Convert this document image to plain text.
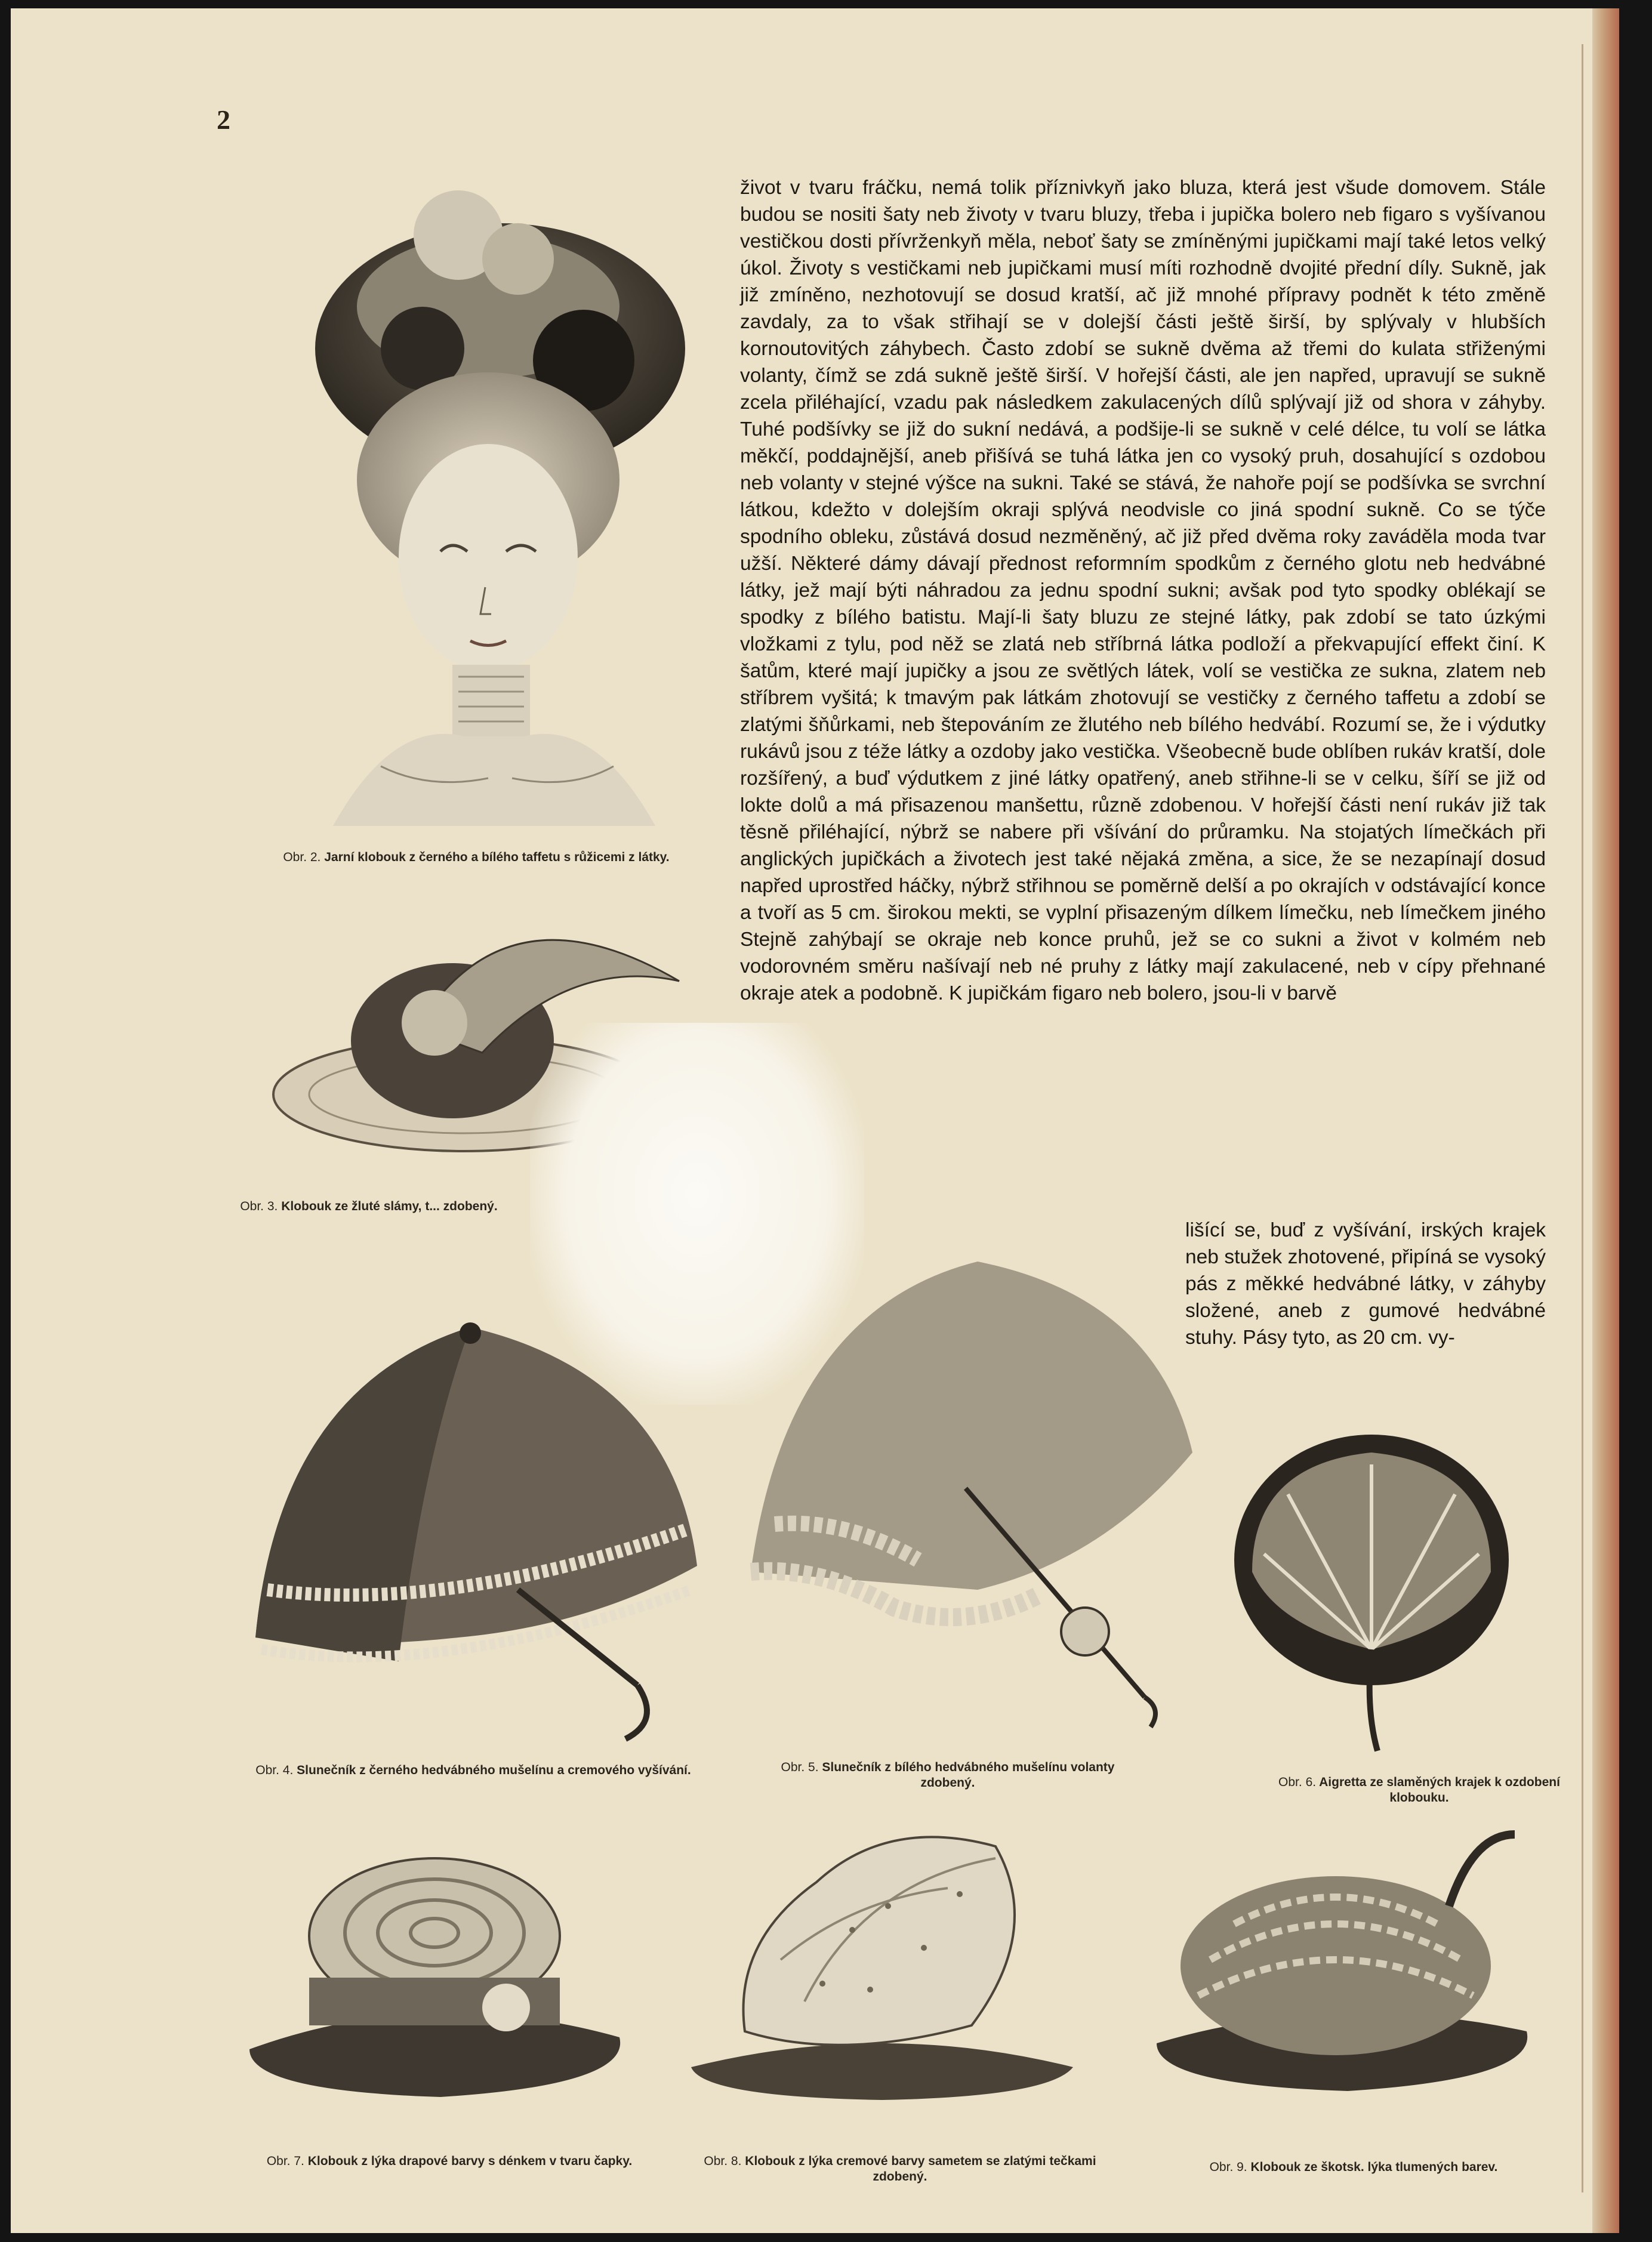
2
Obr. 2. Jarní klobouk z černého a bílého taffetu s růžicemi z látky.
Obr. 3. Klobouk ze žluté slámy, t... zdobený.
Obr. 4. Slunečník z černého hedvábného mušelínu a cremového vyšívání.	Obr. 5. Slunečník z bílého hedvábného mušelínu volanty zdobený.	Obr. 6. Aigretta ze slaměných krajek k ozdobení klobouku.
Obr. 7. Klobouk z lýka drapové barvy s dénkem v tvaru čapky.	Obr. 8. Klobouk z lýka cremové barvy sametem se zlatými tečkami zdobený.
Obr. 9. Klobouk ze škotsk. lýka tlumených barev.

život v tvaru fráčku, nemá tolik příznivkyň jako bluza, která jest všude domovem. Stále budou se nositi šaty neb životy v tvaru bluzy, třeba i jupička bolero neb figaro s vyšívanou vestičkou dosti přívrženkyň měla, neboť šaty se zmíněnými jupičkami mají také letos velký úkol. Životy s vestičkami neb jupičkami musí míti rozhodně dvojité přední díly. Sukně, jak již zmíněno, nezhotovují se dosud kratší, ač již mnohé přípravy podnět k této změně zavdaly, za to však střihají se v dolejší části ještě širší, by splývaly v hlubších kornoutovitých záhybech. Často zdobí se sukně dvěma až třemi do kulata střiženými volanty, čímž se zdá sukně ještě širší. V hořejší části, ale jen napřed, upravují se sukně zcela přiléhající, vzadu pak následkem zakulacených dílů splývají již od shora v záhyby. Tuhé podšívky se již do sukní nedává, a podšije-li se sukně v celé délce, tu volí se látka měkčí, poddajnější, aneb přišívá se tuhá látka jen co vysoký pruh, dosahující s ozdobou neb volanty v stejné výšce na sukni. Také se stává, že nahoře pojí se podšívka se svrchní látkou, kdežto v dolejším okraji splývá neodvisle co jiná spodní sukně. Co se týče spodního obleku, zůstává dosud nezměněný, ač již před dvěma roky zaváděla moda tvar užší. Některé dámy dávají přednost reformním spodkům z černého glotu neb hedvábné látky, jež mají býti náhradou za jednu spodní sukni; avšak pod tyto spodky oblékají se spodky z bílého batistu. Mají-li šaty bluzu ze stejné látky, pak zdobí se tato úzkými vložkami z tylu, pod něž se zlatá neb stříbrná látka podloží a překvapující effekt činí. K šatům, které mají jupičky a jsou ze světlých látek, volí se vestička ze sukna, zlatem neb stříbrem vyšitá; k tmavým pak látkám zhotovují se vestičky z černého taffetu a zdobí se zlatými šňůrkami, neb štepováním ze žlutého neb bílého hedvábí. Rozumí se, že i výdutky rukávů jsou z téže látky a ozdoby jako vestička. Všeobecně bude oblíben rukáv kratší, dole rozšířený, a buď výdutkem z jiné látky opatřený, aneb střihne-li se v celku, šíří se již od lokte dolů a má přisazenou manšettu, různě zdobenou. V hořejší části není rukáv již tak těsně přiléhající, nýbrž se nabere při všívání do průramku. Na stojatých límečkách při anglických jupičkách a životech jest také nějaká změna, a sice, že se nezapínají dosud napřed uprostřed háčky, nýbrž střihnou se poměrně delší a po okrajích v odstávající konce a tvoří as 5 cm. širokou mekti, se vyplní přisazeným dílkem límečku, neb límečkem jiného Stejně zahýbají se okraje neb konce pruhů, jež se co sukni a život v kolmém neb vodorovném směru našívají neb né pruhy z látky mají zakulacené, neb v cípy přehnané okraje atek a podobně. K jupičkám figaro neb bolero, jsou-li v barvě

lišící se, buď z vyšívání, irských krajek neb stužek zhotovené, připíná se vysoký pás z měkké hedvábné látky, v záhyby složené, aneb z gumové hedvábné stuhy. Pásy tyto, as 20 cm. vy-
